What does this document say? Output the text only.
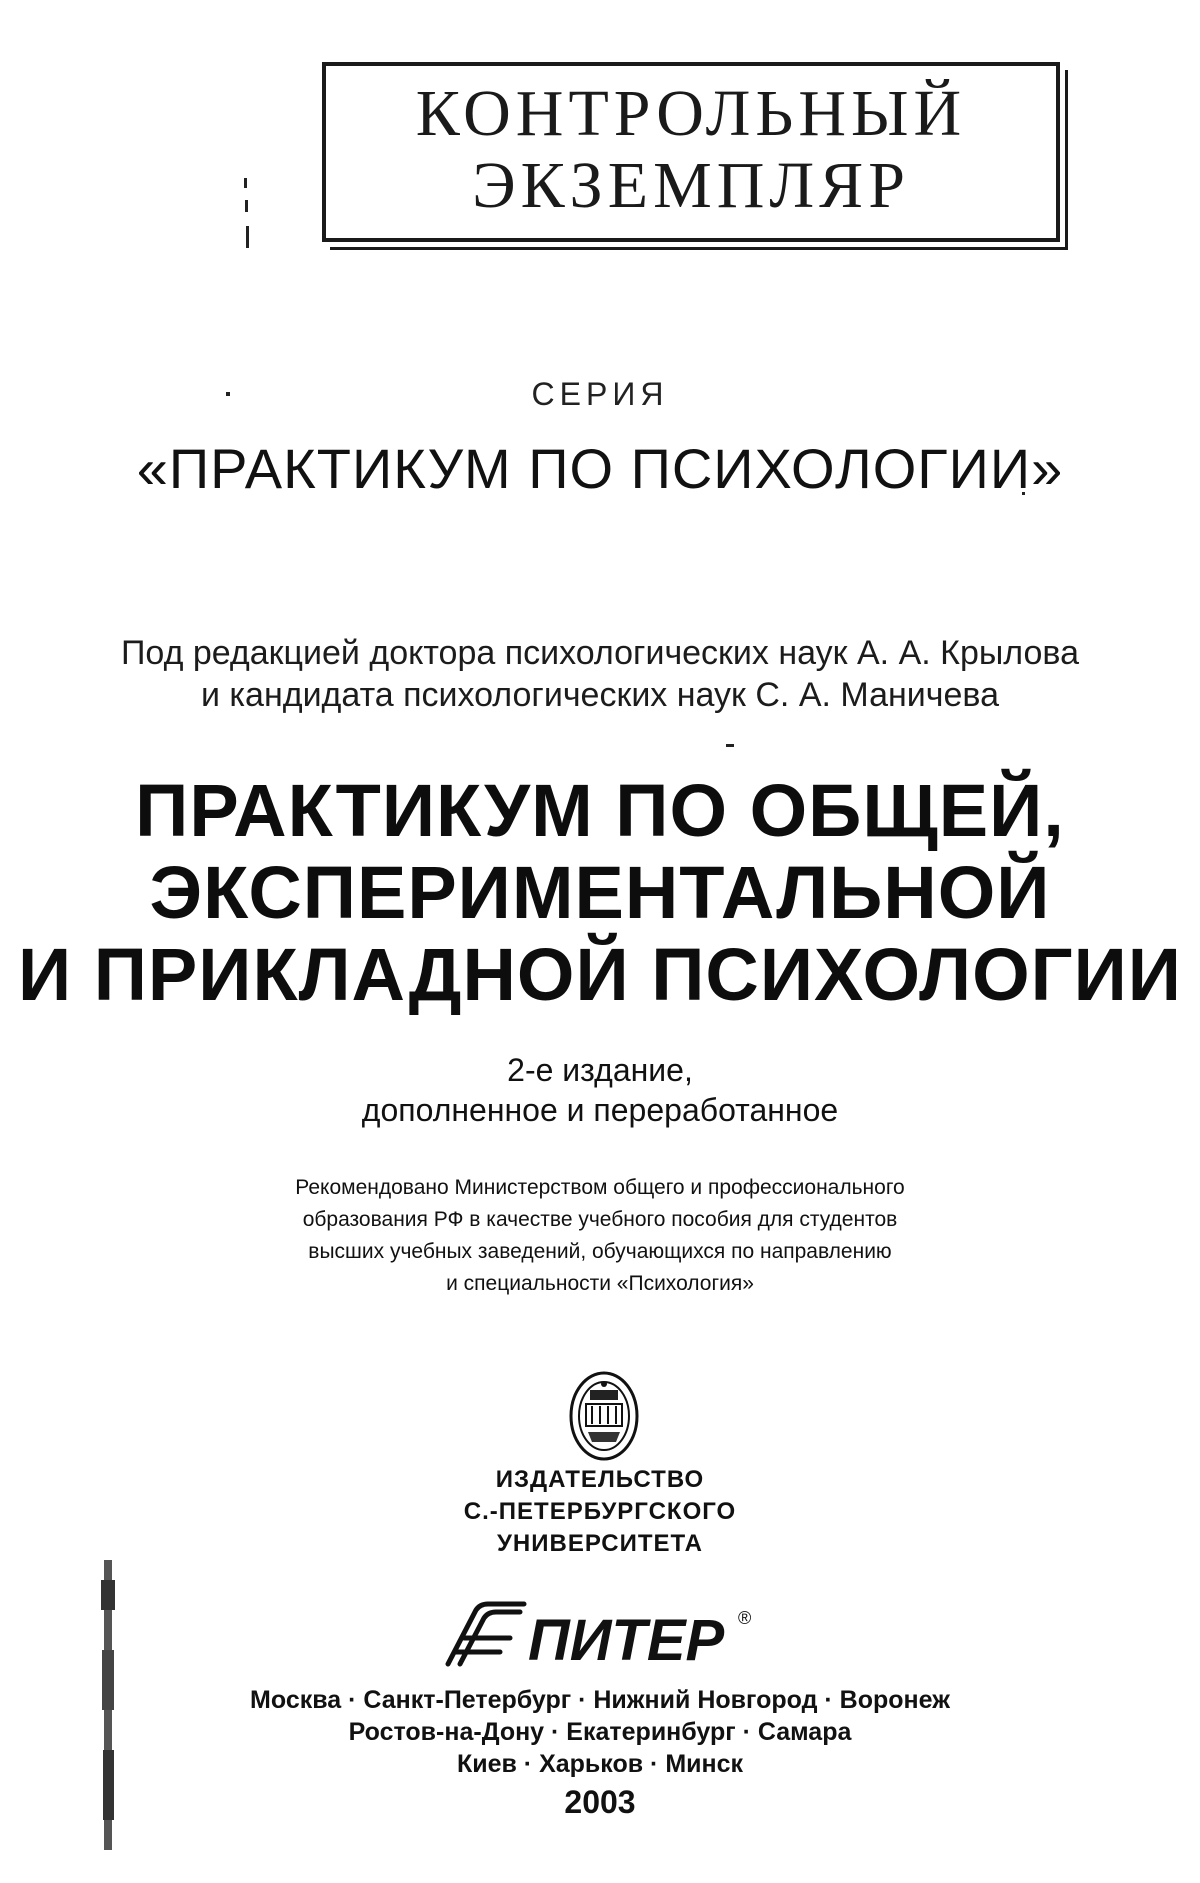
КОНТРОЛЬНЫЙ
ЭКЗЕМПЛЯР
СЕРИЯ
«ПРАКТИКУМ ПО ПСИХОЛОГИИ»
Под редакцией доктора психологических наук А. А. Крылова
и кандидата психологических наук С. А. Маничева
ПРАКТИКУМ ПО ОБЩЕЙ,
ЭКСПЕРИМЕНТАЛЬНОЙ
И ПРИКЛАДНОЙ ПСИХОЛОГИИ
2-е издание,
дополненное и переработанное
Рекомендовано Министерством общего и профессионального
образования РФ в качестве учебного пособия для студентов
высших учебных заведений, обучающихся по направлению
и специальности «Психология»
ИЗДАТЕЛЬСТВО
С.-ПЕТЕРБУРГСКОГО
УНИВЕРСИТЕТА
ПИТЕР ®
Москва · Санкт-Петербург · Нижний Новгород · Воронеж
Ростов-на-Дону · Екатеринбург · Самара
Киев · Харьков · Минск
2003
